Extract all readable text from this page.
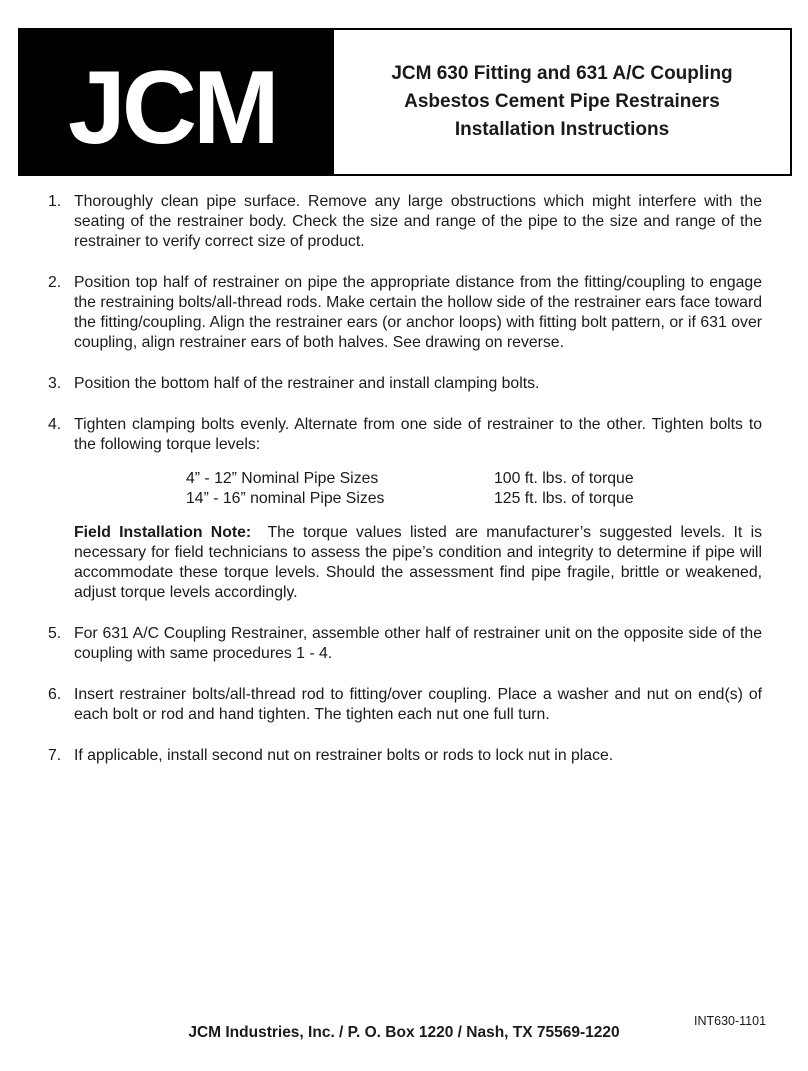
JCM	JCM 630 Fitting and 631 A/C Coupling
Asbestos Cement Pipe Restrainers
Installation Instructions
1. Thoroughly clean pipe surface. Remove any large obstructions which might interfere with the seating of the restrainer body. Check the size and range of the pipe to the size and range of the restrainer to verify correct size of product.
2. Position top half of restrainer on pipe the appropriate distance from the fitting/coupling to engage the restraining bolts/all-thread rods. Make certain the hollow side of the restrainer ears face toward the fitting/coupling. Align the restrainer ears (or anchor loops) with fitting bolt pattern, or if 631 over coupling, align restrainer ears of both halves. See drawing on reverse.
3. Position the bottom half of the restrainer and install clamping bolts.
4. Tighten clamping bolts evenly. Alternate from one side of restrainer to the other. Tighten bolts to the following torque levels:
4” - 12” Nominal Pipe Sizes	100 ft. lbs. of torque
14” - 16” nominal Pipe Sizes	125 ft. lbs. of torque
Field Installation Note: The torque values listed are manufacturer’s suggested levels. It is necessary for field technicians to assess the pipe’s condition and integrity to determine if pipe will accommodate these torque levels. Should the assessment find pipe fragile, brittle or weakened, adjust torque levels accordingly.
5. For 631 A/C Coupling Restrainer, assemble other half of restrainer unit on the opposite side of the coupling with same procedures 1 - 4.
6. Insert restrainer bolts/all-thread rod to fitting/over coupling. Place a washer and nut on end(s) of each bolt or rod and hand tighten. The tighten each nut one full turn.
7. If applicable, install second nut on restrainer bolts or rods to lock nut in place.
INT630-1101
JCM Industries, Inc. / P. O. Box 1220 / Nash, TX 75569-1220
